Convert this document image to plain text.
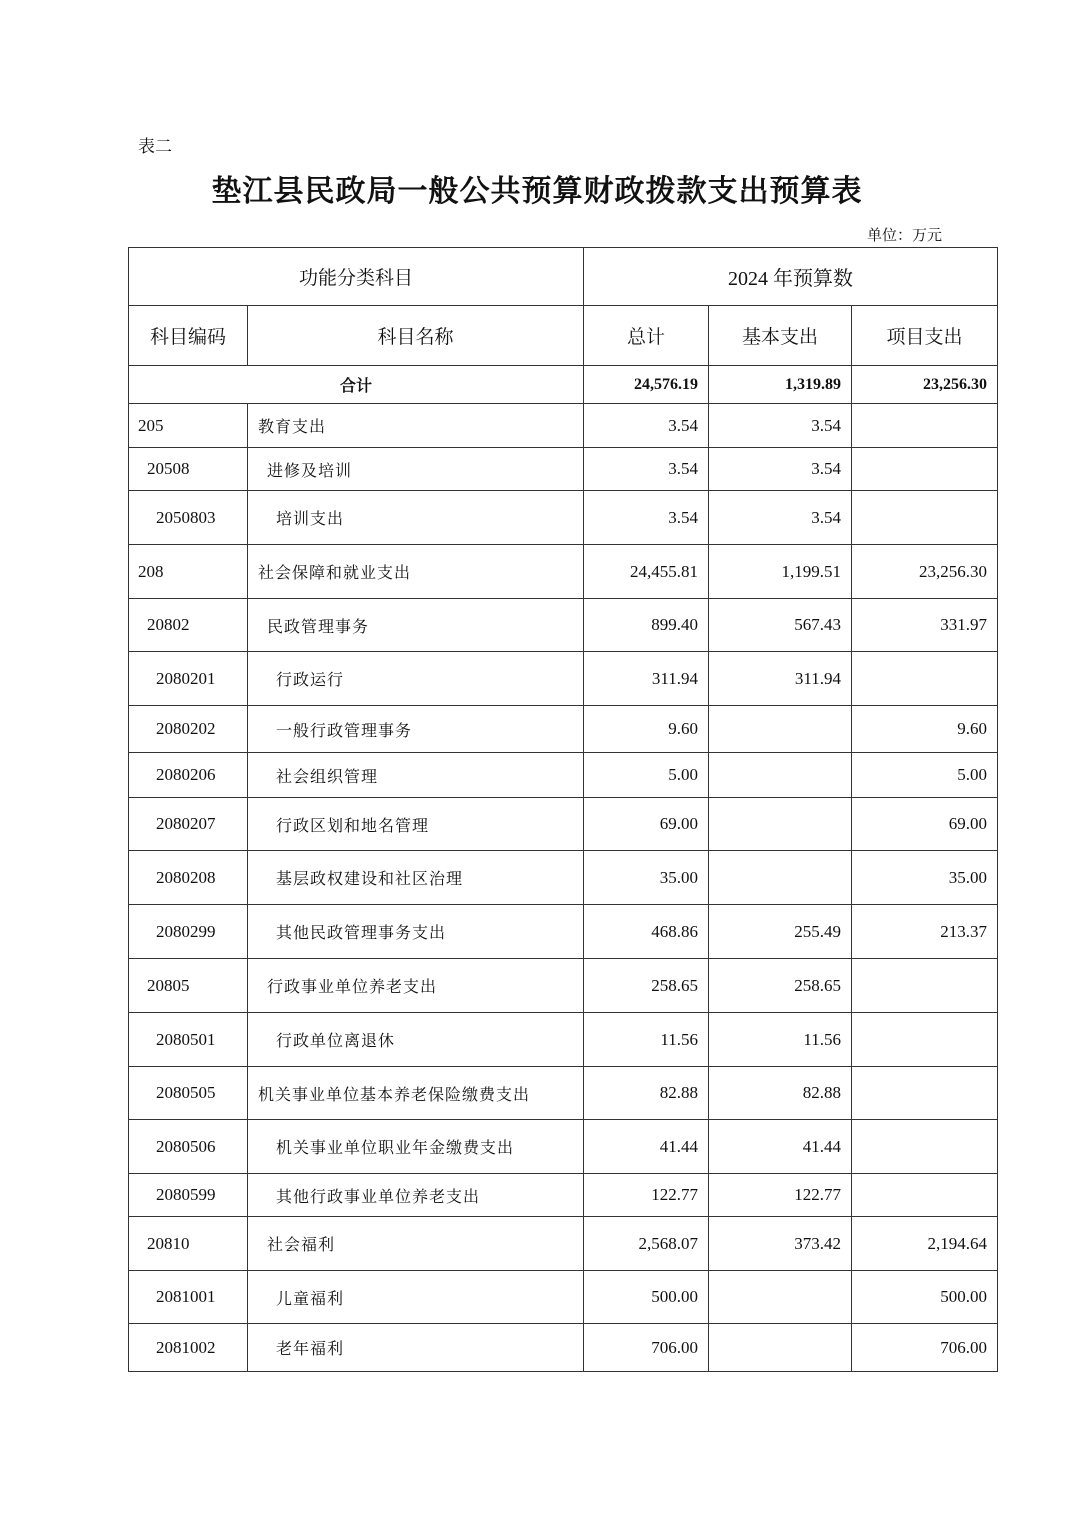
表二
垫江县民政局一般公共预算财政拨款支出预算表
单位：万元
功能分类科目		2024 年预算数		
科目编码	科目名称	总计	基本支出	项目支出
合计		24,576.19	1,319.89	23,256.30
205	教育支出	3.54	3.54	
20508	进修及培训	3.54	3.54	
2050803	培训支出	3.54	3.54	
208	社会保障和就业支出	24,455.81	1,199.51	23,256.30
20802	民政管理事务	899.40	567.43	331.97
2080201	行政运行	311.94	311.94	
2080202	一般行政管理事务	9.60		9.60
2080206	社会组织管理	5.00		5.00
2080207	行政区划和地名管理	69.00		69.00
2080208	基层政权建设和社区治理	35.00		35.00
2080299	其他民政管理事务支出	468.86	255.49	213.37
20805	行政事业单位养老支出	258.65	258.65	
2080501	行政单位离退休	11.56	11.56	
2080505	机关事业单位基本养老保险缴费支出	82.88	82.88	
2080506	机关事业单位职业年金缴费支出	41.44	41.44	
2080599	其他行政事业单位养老支出	122.77	122.77	
20810	社会福利	2,568.07	373.42	2,194.64
2081001	儿童福利	500.00		500.00
2081002	老年福利	706.00		706.00
